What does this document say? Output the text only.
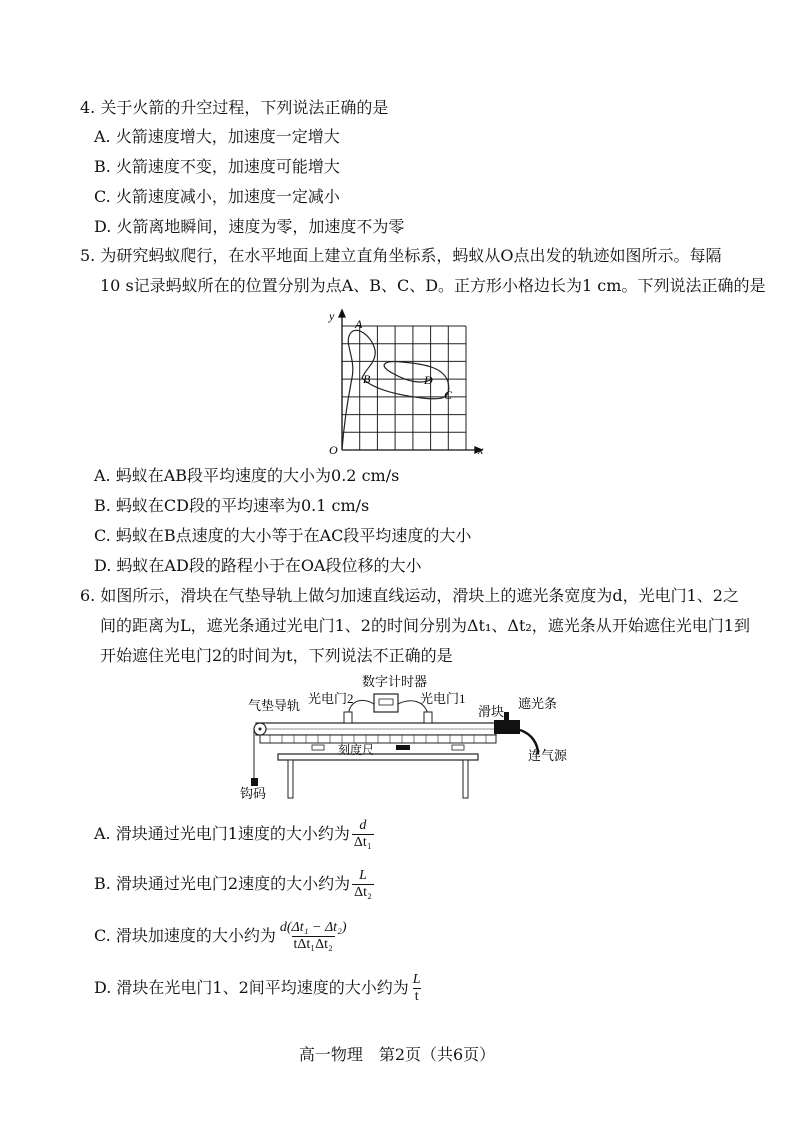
4. 关于火箭的升空过程，下列说法正确的是
A. 火箭速度增大，加速度一定增大
B. 火箭速度不变，加速度可能增大
C. 火箭速度减小，加速度一定减小
D. 火箭离地瞬间，速度为零，加速度不为零
5. 为研究蚂蚁爬行，在水平地面上建立直角坐标系，蚂蚁从O点出发的轨迹如图所示。每隔
10 s记录蚂蚁所在的位置分别为点A、B、C、D。正方形小格边长为1 cm。下列说法正确的是
y
x
O
A
B	D
C
A. 蚂蚁在AB段平均速度的大小为0.2 cm/s
B. 蚂蚁在CD段的平均速率为0.1 cm/s
C. 蚂蚁在B点速度的大小等于在AC段平均速度的大小
D. 蚂蚁在AD段的路程小于在OA段位移的大小
6. 如图所示，滑块在气垫导轨上做匀加速直线运动，滑块上的遮光条宽度为d，光电门1、2之
间的距离为L，遮光条通过光电门1、2的时间分别为Δt₁、Δt₂，遮光条从开始遮住光电门1到
开始遮住光电门2的时间为t，下列说法不正确的是
数字计时器
光电门2	光电门1
气垫导轨	滑块
遮光条
刻度尺	连气源
钩码
A. 滑块通过光电门1速度的大小约为 $\frac{d}{\text{Δt₁}}$
B. 滑块通过光电门2速度的大小约为 $\frac{L}{\text{Δt₂}}$
C. 滑块加速度的大小约为 $\frac{\text{d(Δt₁ − Δt₂)}}{\text{tΔt₁Δt₂}}$
D. 滑块在光电门1、2间平均速度的大小约为 $\frac{L}{t}$
高一物理　第2页（共6页）
